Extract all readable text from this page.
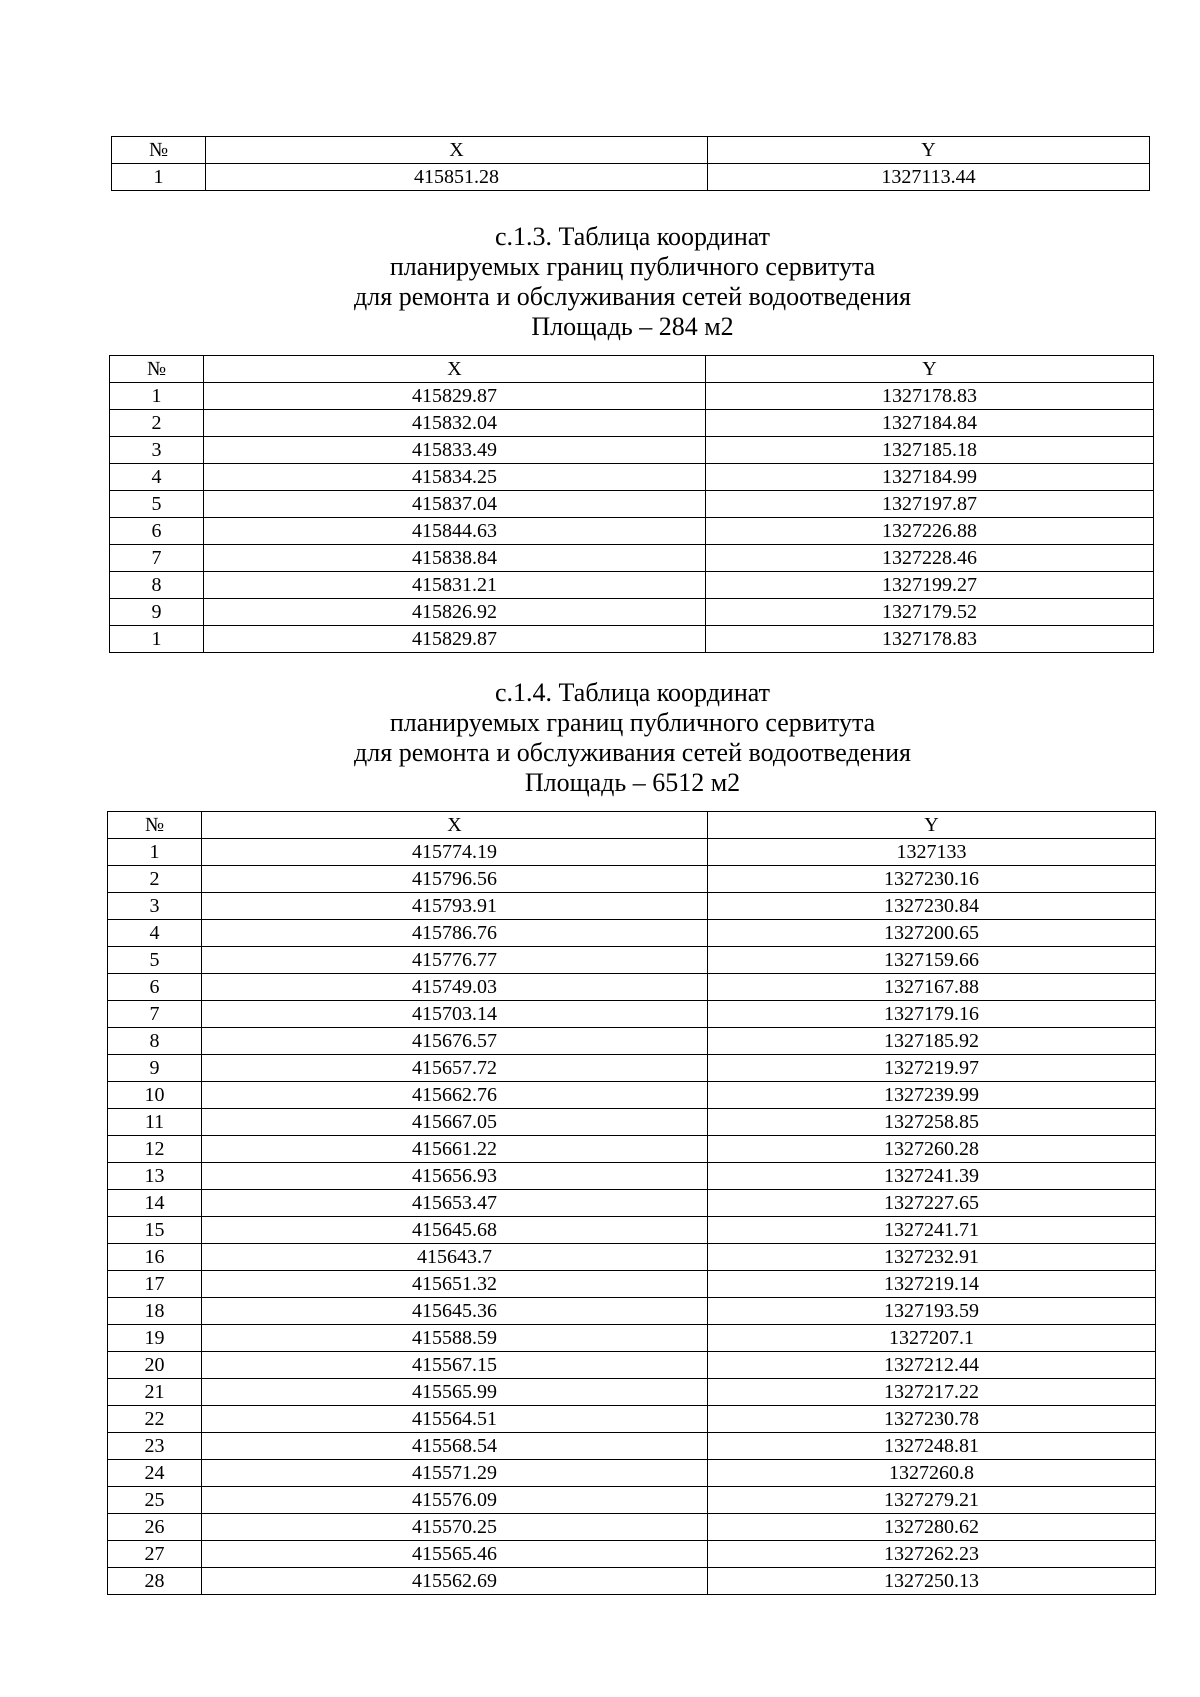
№	X	Y
1	415851.28	1327113.44
с.1.3. Таблица координат
планируемых границ публичного сервитута
для ремонта и обслуживания сетей водоотведения
Площадь – 284 м2
№	X	Y
1	415829.87	1327178.83
2	415832.04	1327184.84
3	415833.49	1327185.18
4	415834.25	1327184.99
5	415837.04	1327197.87
6	415844.63	1327226.88
7	415838.84	1327228.46
8	415831.21	1327199.27
9	415826.92	1327179.52
1	415829.87	1327178.83
с.1.4. Таблица координат
планируемых границ публичного сервитута
для ремонта и обслуживания сетей водоотведения
Площадь – 6512 м2
№	X	Y
1	415774.19	1327133
2	415796.56	1327230.16
3	415793.91	1327230.84
4	415786.76	1327200.65
5	415776.77	1327159.66
6	415749.03	1327167.88
7	415703.14	1327179.16
8	415676.57	1327185.92
9	415657.72	1327219.97
10	415662.76	1327239.99
11	415667.05	1327258.85
12	415661.22	1327260.28
13	415656.93	1327241.39
14	415653.47	1327227.65
15	415645.68	1327241.71
16	415643.7	1327232.91
17	415651.32	1327219.14
18	415645.36	1327193.59
19	415588.59	1327207.1
20	415567.15	1327212.44
21	415565.99	1327217.22
22	415564.51	1327230.78
23	415568.54	1327248.81
24	415571.29	1327260.8
25	415576.09	1327279.21
26	415570.25	1327280.62
27	415565.46	1327262.23
28	415562.69	1327250.13
